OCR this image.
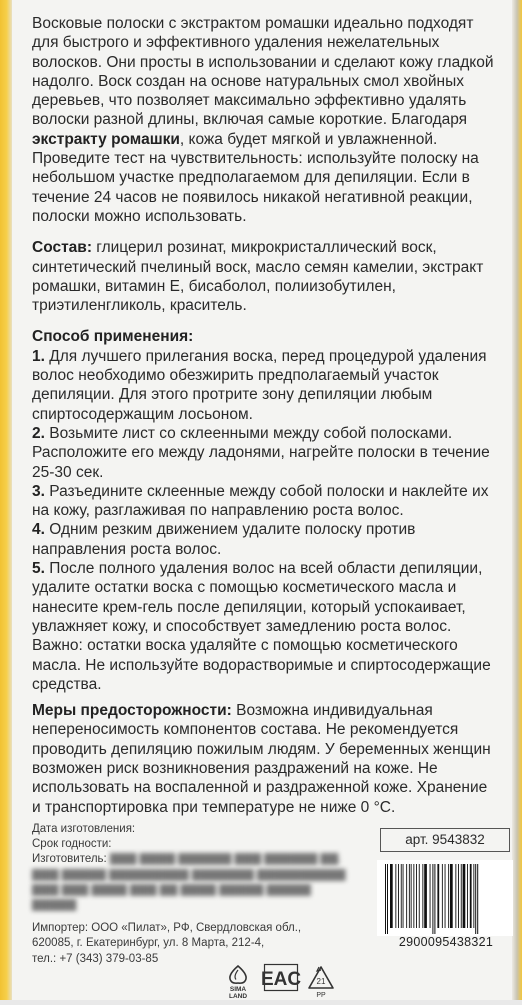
Восковые полоски с экстрактом ромашки идеально подходят для быстрого и эффективного удаления нежелательных волосков. Они просты в использовании и сделают кожу гладкой надолго. Воск создан на основе натуральных смол хвойных деревьев, что позволяет максимально эффективно удалять волоски разной длины, включая самые короткие. Благодаря экстракту ромашки, кожа будет мягкой и увлажненной. Проведите тест на чувствительность: используйте полоску на небольшом участке предполагаемом для депиляции. Если в течение 24 часов не появилось никакой негативной реакции, полоски можно использовать.

Состав: глицерил розинат, микрокристаллический воск, синтетический пчелиный воск, масло семян камелии, экстракт ромашки, витамин Е, бисаболол, полиизобутилен, триэтиленгликоль, краситель.

Способ применения:
1. Для лучшего прилегания воска, перед процедурой удаления волос необходимо обезжирить предполагаемый участок депиляции. Для этого протрите зону депиляции любым спиртосодержащим лосьоном.
2. Возьмите лист со склеенными между собой полосками. Расположите его между ладонями, нагрейте полоски в течение 25-30 сек.
3. Разъедините склеенные между собой полоски и наклейте их на кожу, разглаживая по направлению роста волос.
4. Одним резким движением удалите полоску против направления роста волос.
5. После полного удаления волос на всей области депиляции, удалите остатки воска с помощью косметического масла и нанесите крем-гель после депиляции, который успокаивает, увлажняет кожу, и способствует замедлению роста волос. Важно: остатки воска удаляйте с помощью косметического масла. Не используйте водорастворимые и спиртосодержащие средства.

Меры предосторожности: Возможна индивидуальная непереносимость компонентов состава. Не рекомендуется проводить депиляцию пожилым людям. У беременных женщин возможен риск возникновения раздражений на коже. Не использовать на воспаленной и раздраженной коже. Хранение и транспортировка при температуре не ниже 0 °С.

Дата изготовления:
Срок годности:
Изготовитель: ▇▇▇ ▇▇▇▇ ▇▇▇▇▇▇ ▇▇▇ ▇▇▇▇▇▇ ▇▇.
▇▇▇ ▇▇▇▇▇ ▇▇▇▇▇▇▇▇▇ ▇▇▇▇▇▇▇ ▇▇▇▇▇▇▇▇▇▇
▇▇▇ ▇▇▇ ▇▇▇▇ ▇▇▇ ▇▇ ▇▇▇▇ ▇▇▇▇▇ ▇▇▇▇▇
▇▇▇▇▇
Импортер: ООО «Пилат», РФ, Свердловская обл.,
620085, г. Екатеринбург, ул. 8 Марта, 212-4,
тел.: +7 (343) 379-03-85
арт. 9543832
2900095438321
SIMA
LAND
EAC 21
PP
